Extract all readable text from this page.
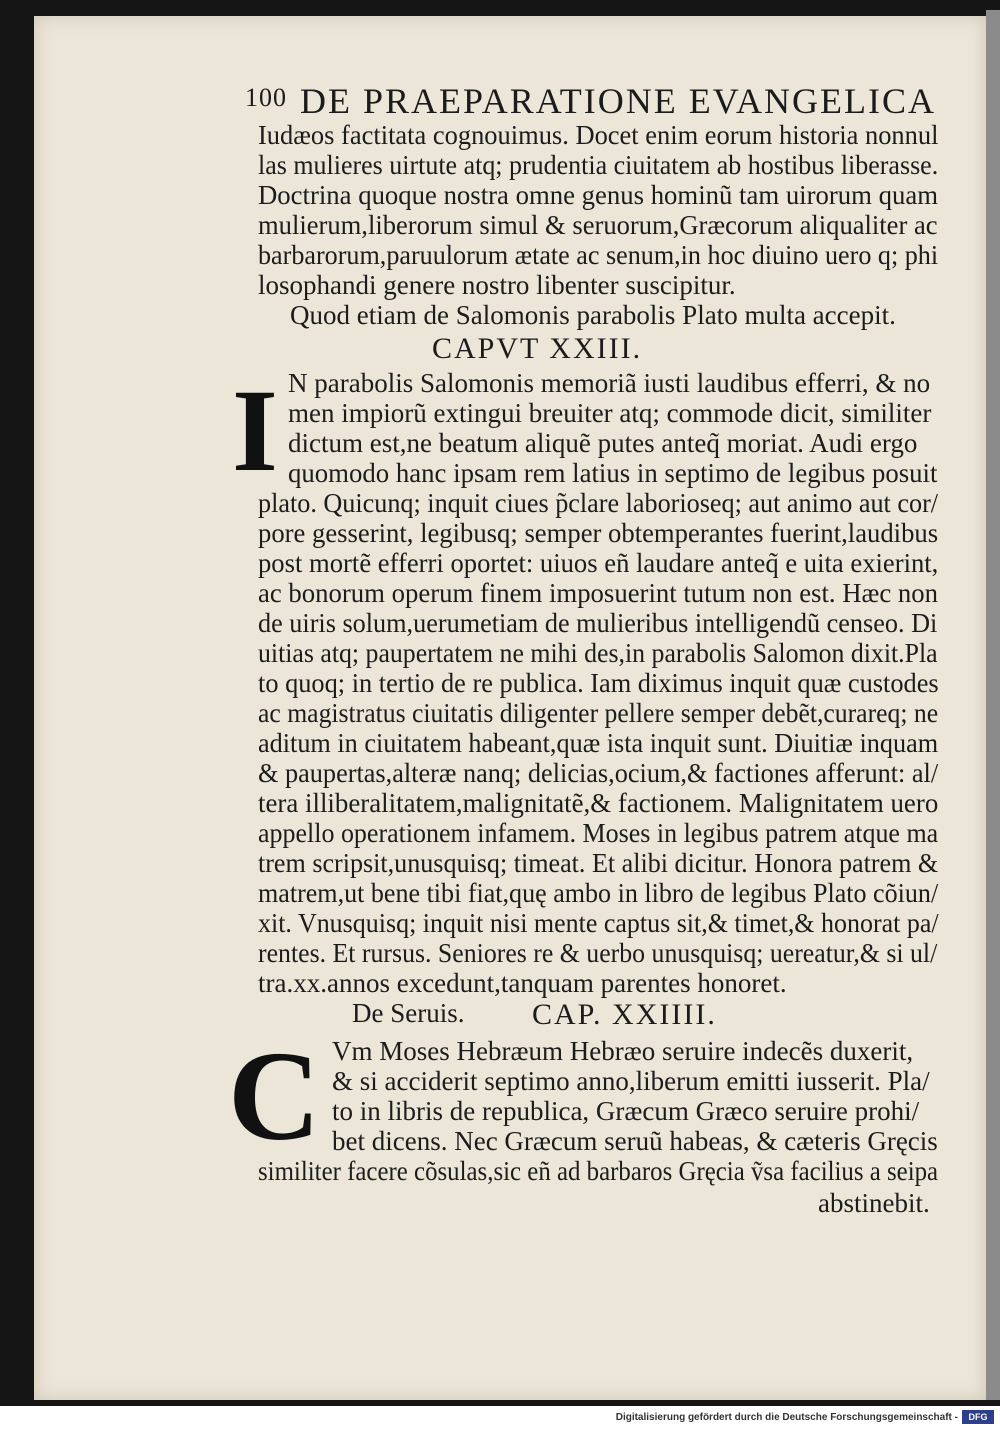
100 DE PRAEPARATIONE EVANGELICA
Iudæos factitata cognouimus. Docet enim eorum historia nonnul
las mulieres uirtute atq; prudentia ciuitatem ab hostibus liberasse.
Doctrina quoque nostra omne genus hominũ tam uirorum quam
mulierum,liberorum simul & seruorum,Græcorum aliqualiter ac
barbarorum,paruulorum ætate ac senum,in hoc diuino uero q; phi
losophandi genere nostro libenter suscipitur.
Quod etiam de Salomonis parabolis Plato multa accepit.
CAPVT XXIII.
I N parabolis Salomonis memoriã iusti laudibus efferri, & no
men impiorũ extingui breuiter atq; commode dicit, similiter
dictum est,ne beatum aliquẽ putes anteq̃ moriat. Audi ergo
quomodo hanc ipsam rem latius in septimo de legibus posuit
plato. Quicunq; inquit ciues p̃clare laborioseq; aut animo aut cor/
pore gesserint, legibusq; semper obtemperantes fuerint,laudibus
post mortẽ efferri oportet: uiuos eñ laudare anteq̃ e uita exierint,
ac bonorum operum finem imposuerint tutum non est. Hæc non
de uiris solum,uerumetiam de mulieribus intelligendũ censeo. Di
uitias atq; paupertatem ne mihi des,in parabolis Salomon dixit.Pla
to quoq; in tertio de re publica. Iam diximus inquit quæ custodes
ac magistratus ciuitatis diligenter pellere semper debẽt,curareq; ne
aditum in ciuitatem habeant,quæ ista inquit sunt. Diuitiæ inquam
& paupertas,alteræ nanq; delicias,ocium,& factiones afferunt: al/
tera illiberalitatem,malignitatẽ,& factionem. Malignitatem uero
appello operationem infamem. Moses in legibus patrem atque ma
trem scripsit,unusquisq; timeat. Et alibi dicitur. Honora patrem &
matrem,ut bene tibi fiat,quę ambo in libro de legibus Plato cõiun/
xit. Vnusquisq; inquit nisi mente captus sit,& timet,& honorat pa/
rentes. Et rursus. Seniores re & uerbo unusquisq; uereatur,& si ul/
tra.xx.annos excedunt,tanquam parentes honoret.
De Seruis. CAP. XXIIII.
C Vm Moses Hebræum Hebræo seruire indecẽs duxerit,
& si acciderit septimo anno,liberum emitti iusserit. Pla/
to in libris de republica, Græcum Græco seruire prohi/
bet dicens. Nec Græcum seruũ habeas, & cæteris Gręcis
similiter facere cõsulas,sic eñ ad barbaros Gręcia ṽsa facilius a seipa
abstinebit.
Digitalisierung gefördert durch die Deutsche Forschungsgemeinschaft -	DFG
